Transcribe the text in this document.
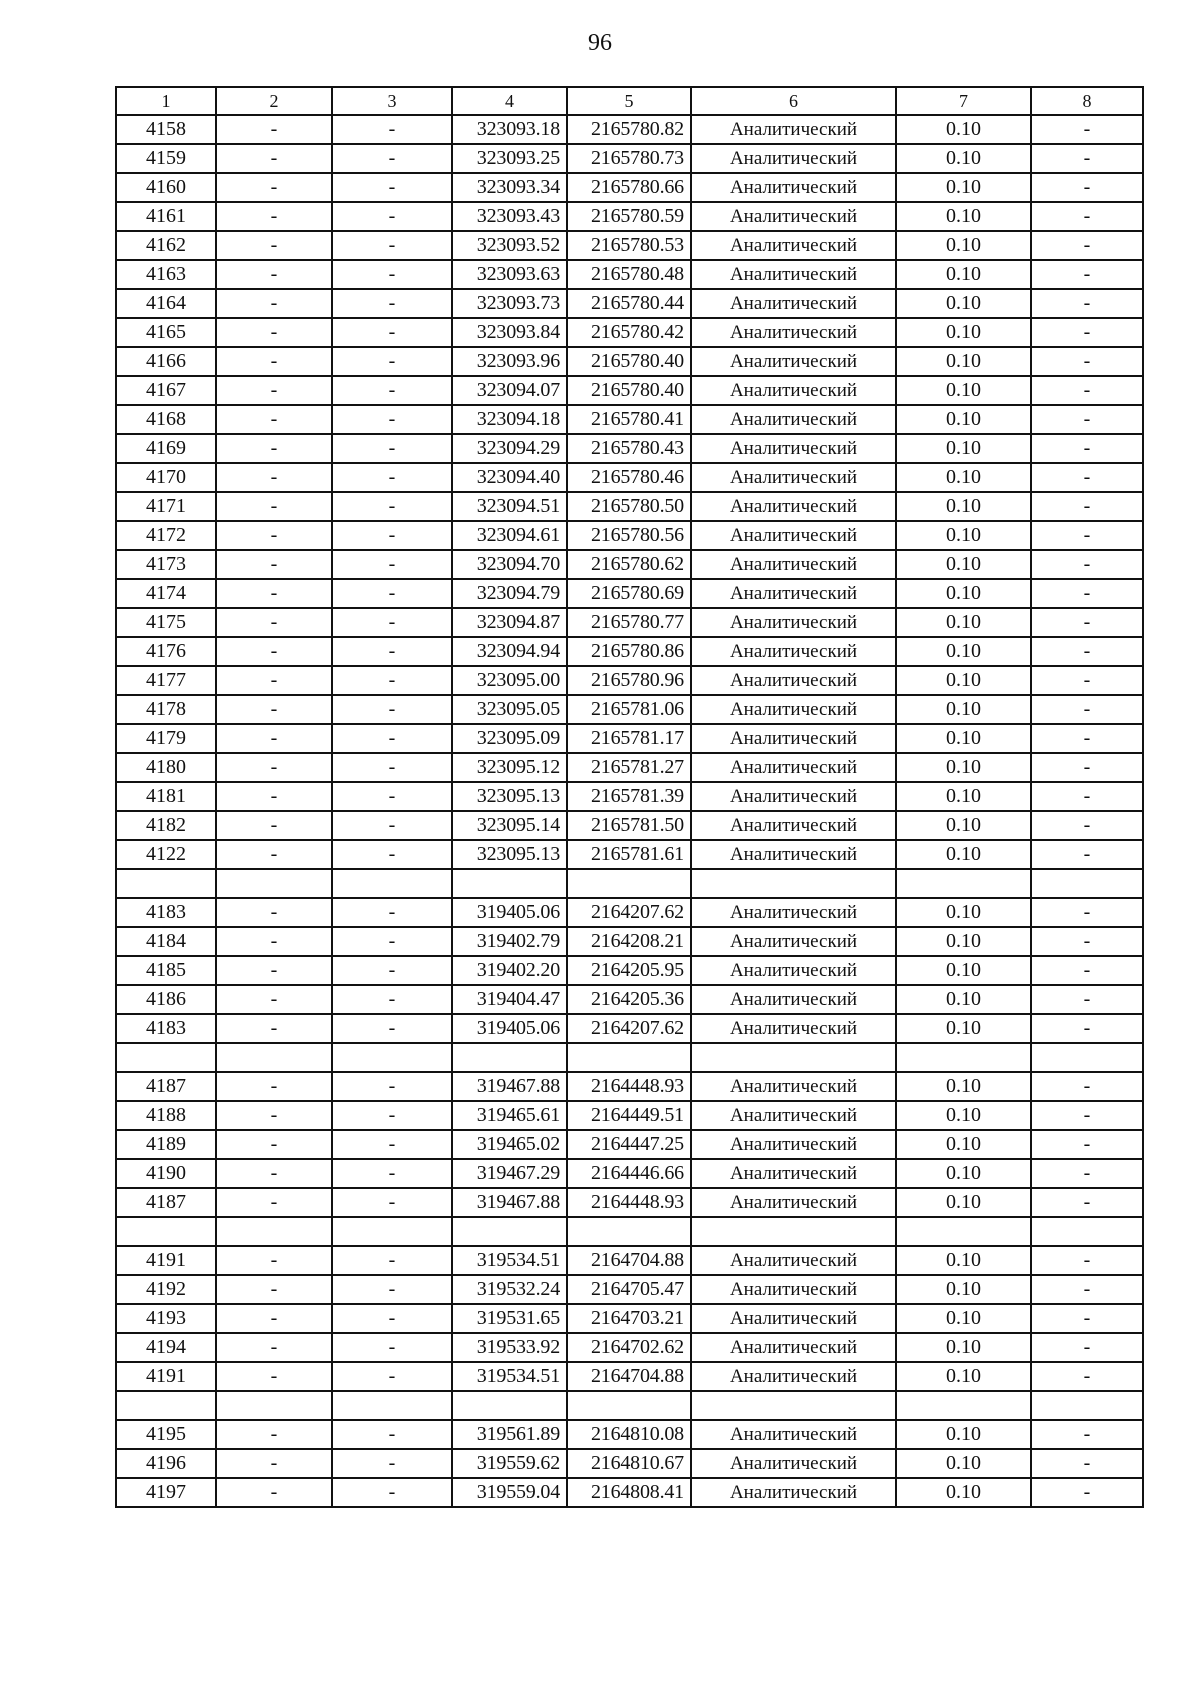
96
1	2	3	4	5	6	7	8
4158	-	-	323093.18	2165780.82	Аналитический	0.10	-
4159	-	-	323093.25	2165780.73	Аналитический	0.10	-
4160	-	-	323093.34	2165780.66	Аналитический	0.10	-
4161	-	-	323093.43	2165780.59	Аналитический	0.10	-
4162	-	-	323093.52	2165780.53	Аналитический	0.10	-
4163	-	-	323093.63	2165780.48	Аналитический	0.10	-
4164	-	-	323093.73	2165780.44	Аналитический	0.10	-
4165	-	-	323093.84	2165780.42	Аналитический	0.10	-
4166	-	-	323093.96	2165780.40	Аналитический	0.10	-
4167	-	-	323094.07	2165780.40	Аналитический	0.10	-
4168	-	-	323094.18	2165780.41	Аналитический	0.10	-
4169	-	-	323094.29	2165780.43	Аналитический	0.10	-
4170	-	-	323094.40	2165780.46	Аналитический	0.10	-
4171	-	-	323094.51	2165780.50	Аналитический	0.10	-
4172	-	-	323094.61	2165780.56	Аналитический	0.10	-
4173	-	-	323094.70	2165780.62	Аналитический	0.10	-
4174	-	-	323094.79	2165780.69	Аналитический	0.10	-
4175	-	-	323094.87	2165780.77	Аналитический	0.10	-
4176	-	-	323094.94	2165780.86	Аналитический	0.10	-
4177	-	-	323095.00	2165780.96	Аналитический	0.10	-
4178	-	-	323095.05	2165781.06	Аналитический	0.10	-
4179	-	-	323095.09	2165781.17	Аналитический	0.10	-
4180	-	-	323095.12	2165781.27	Аналитический	0.10	-
4181	-	-	323095.13	2165781.39	Аналитический	0.10	-
4182	-	-	323095.14	2165781.50	Аналитический	0.10	-
4122	-	-	323095.13	2165781.61	Аналитический	0.10	-

4183	-	-	319405.06	2164207.62	Аналитический	0.10	-
4184	-	-	319402.79	2164208.21	Аналитический	0.10	-
4185	-	-	319402.20	2164205.95	Аналитический	0.10	-
4186	-	-	319404.47	2164205.36	Аналитический	0.10	-
4183	-	-	319405.06	2164207.62	Аналитический	0.10	-

4187	-	-	319467.88	2164448.93	Аналитический	0.10	-
4188	-	-	319465.61	2164449.51	Аналитический	0.10	-
4189	-	-	319465.02	2164447.25	Аналитический	0.10	-
4190	-	-	319467.29	2164446.66	Аналитический	0.10	-
4187	-	-	319467.88	2164448.93	Аналитический	0.10	-

4191	-	-	319534.51	2164704.88	Аналитический	0.10	-
4192	-	-	319532.24	2164705.47	Аналитический	0.10	-
4193	-	-	319531.65	2164703.21	Аналитический	0.10	-
4194	-	-	319533.92	2164702.62	Аналитический	0.10	-
4191	-	-	319534.51	2164704.88	Аналитический	0.10	-

4195	-	-	319561.89	2164810.08	Аналитический	0.10	-
4196	-	-	319559.62	2164810.67	Аналитический	0.10	-
4197	-	-	319559.04	2164808.41	Аналитический	0.10	-
